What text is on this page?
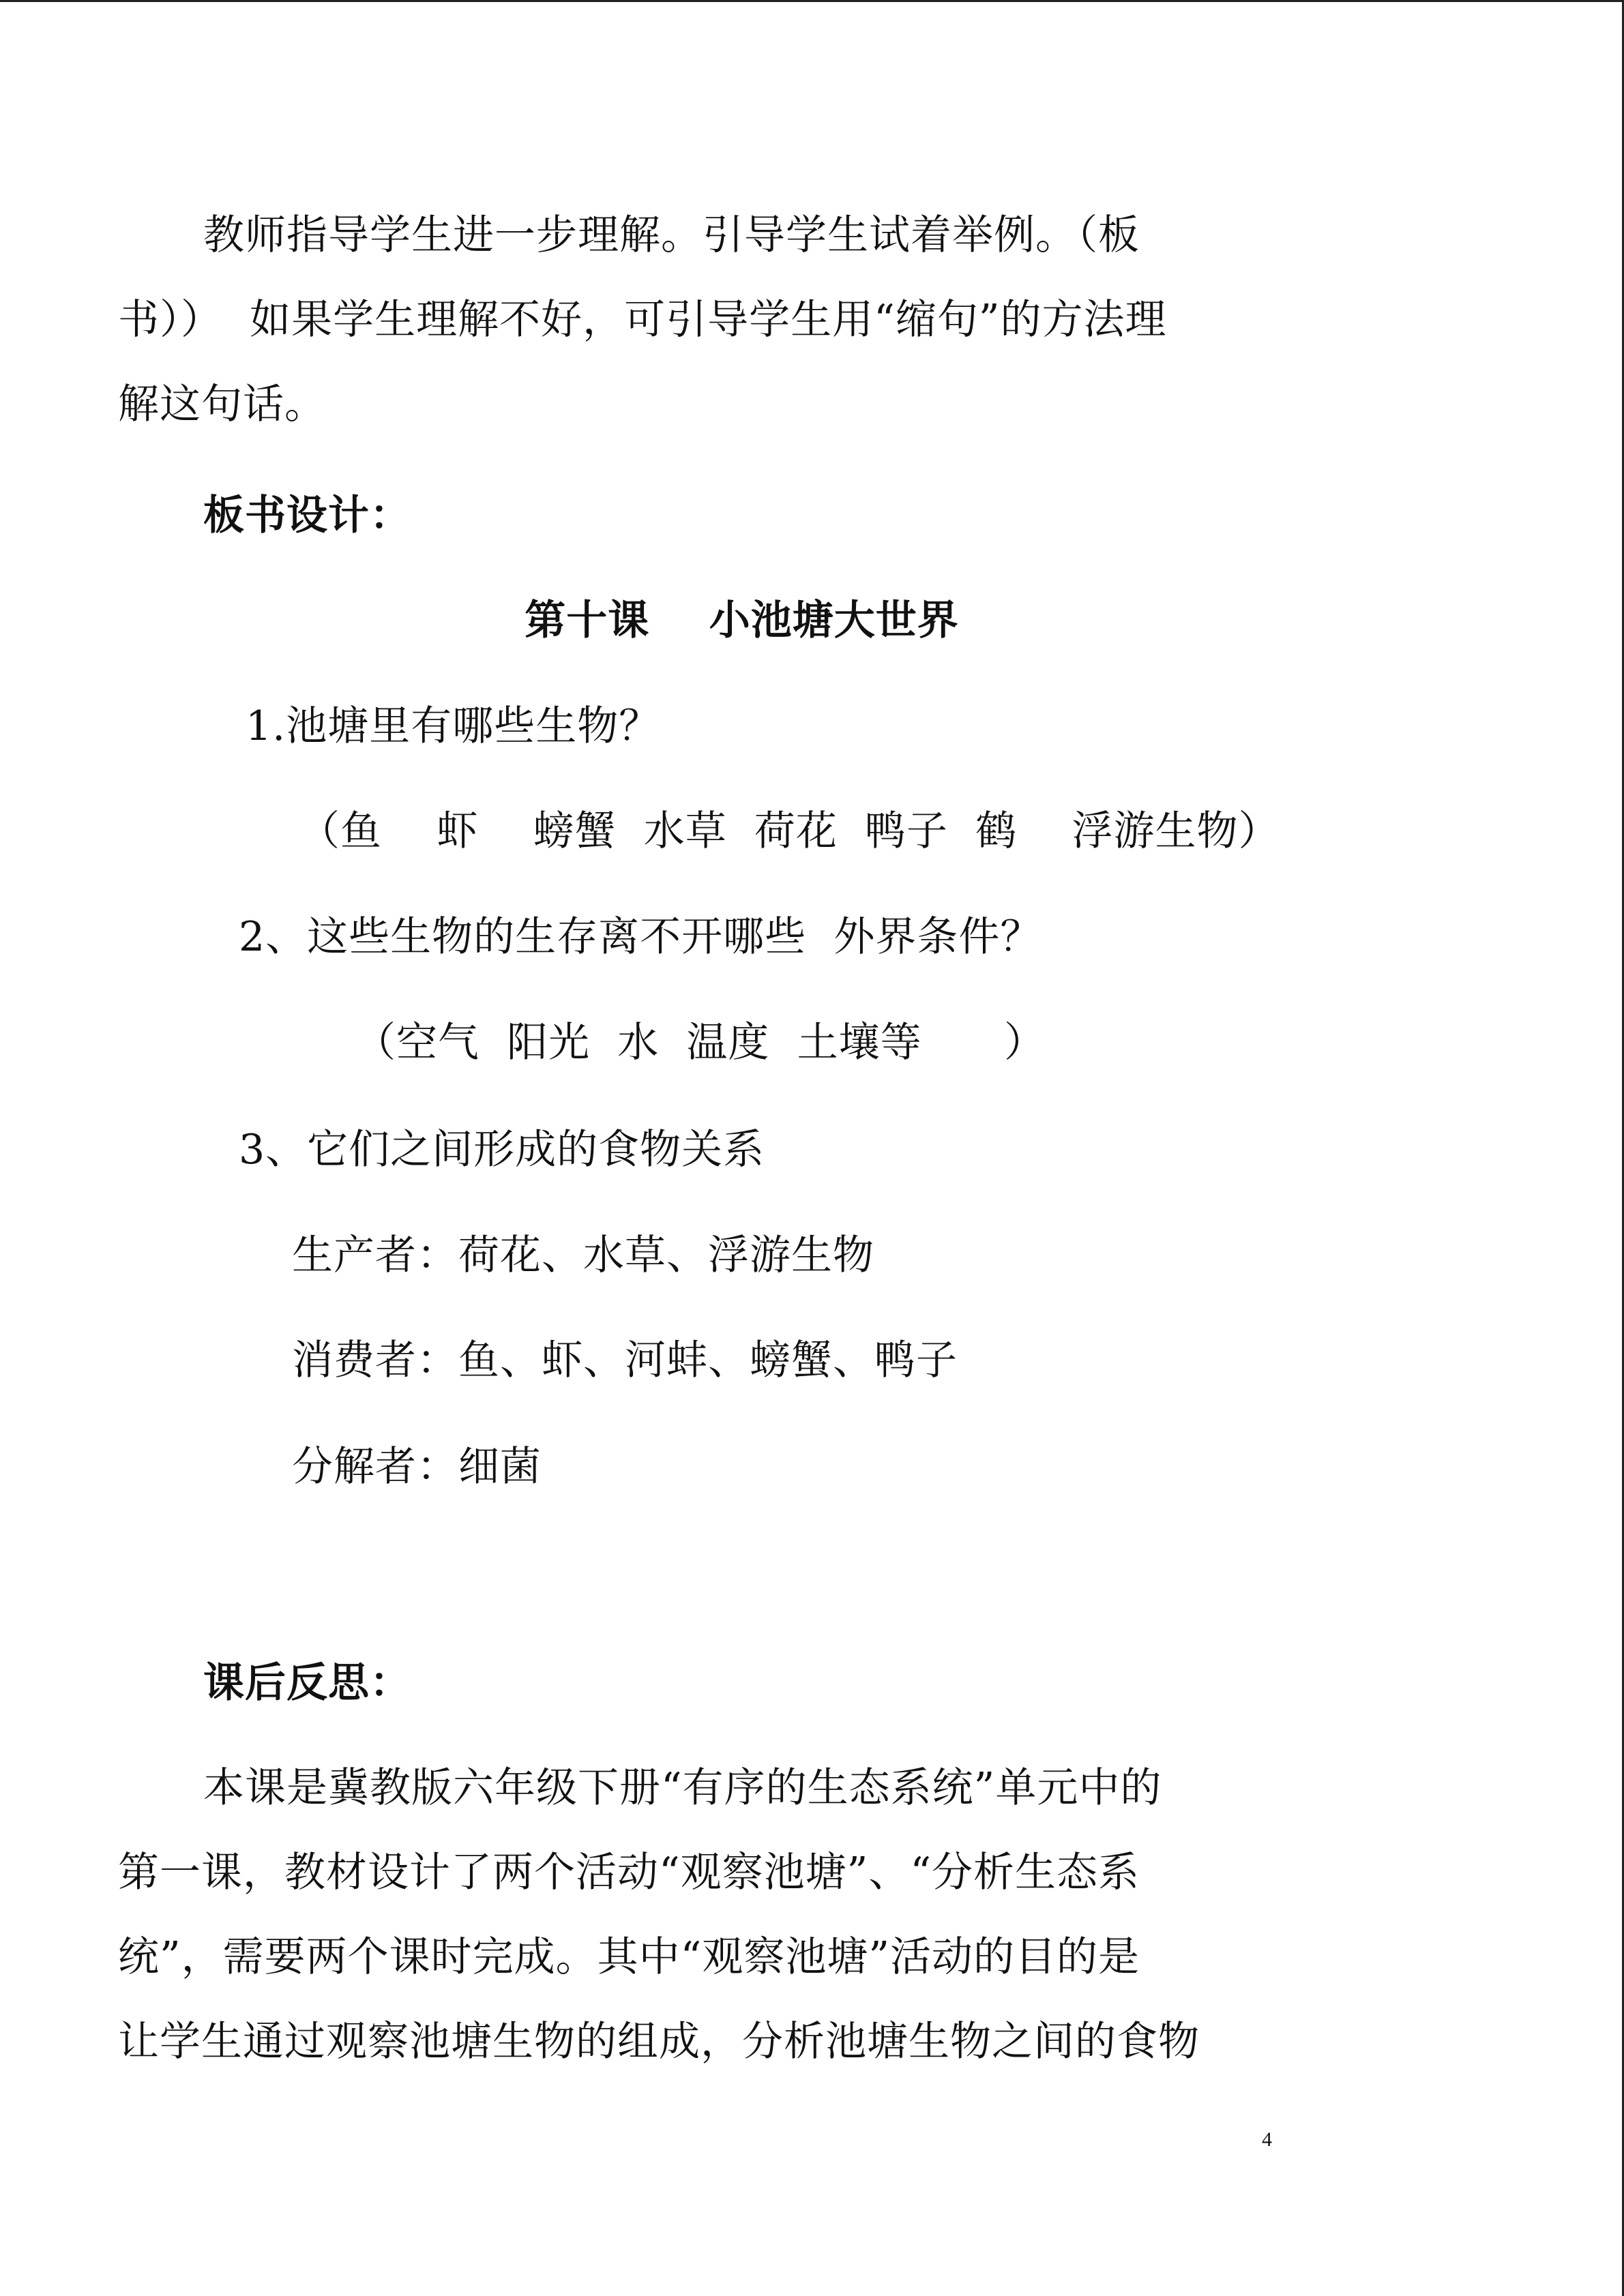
教师指导学生进一步理解。引导学生试着举例。（板
书））  如果学生理解不好，可引导学生用“缩句”的方法理
解这句话。
板书设计：
第十课    小池塘大世界
1.池塘里有哪些生物？
（鱼    虾    螃蟹  水草  荷花  鸭子  鹤    浮游生物）
2、这些生物的生存离不开哪些  外界条件？
（空气  阳光  水  温度  土壤等      ）
3、它们之间形成的食物关系
生产者：荷花、水草、浮游生物
消费者：鱼、虾、河蚌、螃蟹、鸭子
分解者：细菌
课后反思：
本课是冀教版六年级下册“有序的生态系统”单元中的
第一课，教材设计了两个活动“观察池塘”、“分析生态系
统”，需要两个课时完成。其中“观察池塘”活动的目的是
让学生通过观察池塘生物的组成，分析池塘生物之间的食物
4
